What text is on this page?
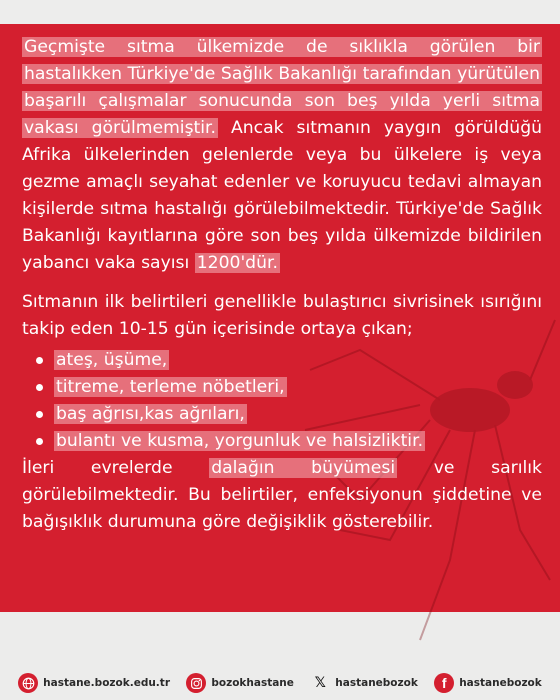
Geçmişte sıtma ülkemizde de sıklıkla görülen bir hastalıkken Türkiye'de Sağlık Bakanlığı tarafından yürütülen başarılı çalışmalar sonucunda son beş yılda yerli sıtma vakası görülmemiştir. Ancak sıtmanın yaygın görüldüğü Afrika ülkelerinden gelenlerde veya bu ülkelere iş veya gezme amaçlı seyahat edenler ve koruyucu tedavi almayan kişilerde sıtma hastalığı görülebilmektedir. Türkiye'de Sağlık Bakanlığı kayıtlarına göre son beş yılda ülkemizde bildirilen yabancı vaka sayısı 1200'dür.

Sıtmanın ilk belirtileri genellikle bulaştırıcı sivrisinek ısırığını takip eden 10-15 gün içerisinde ortaya çıkan;

ateş, üşüme,
titreme, terleme nöbetleri,
baş ağrısı,kas ağrıları,
bulantı ve kusma, yorgunluk ve halsizliktir.

İleri evrelerde dalağın büyümesi ve sarılık görülebilmektedir. Bu belirtiler, enfeksiyonun şiddetine ve bağışıklık durumuna göre değişiklik gösterebilir.

hastane.bozok.edu.tr	bozokhastane	𝕏 hastanebozok	f	hastanebozok
